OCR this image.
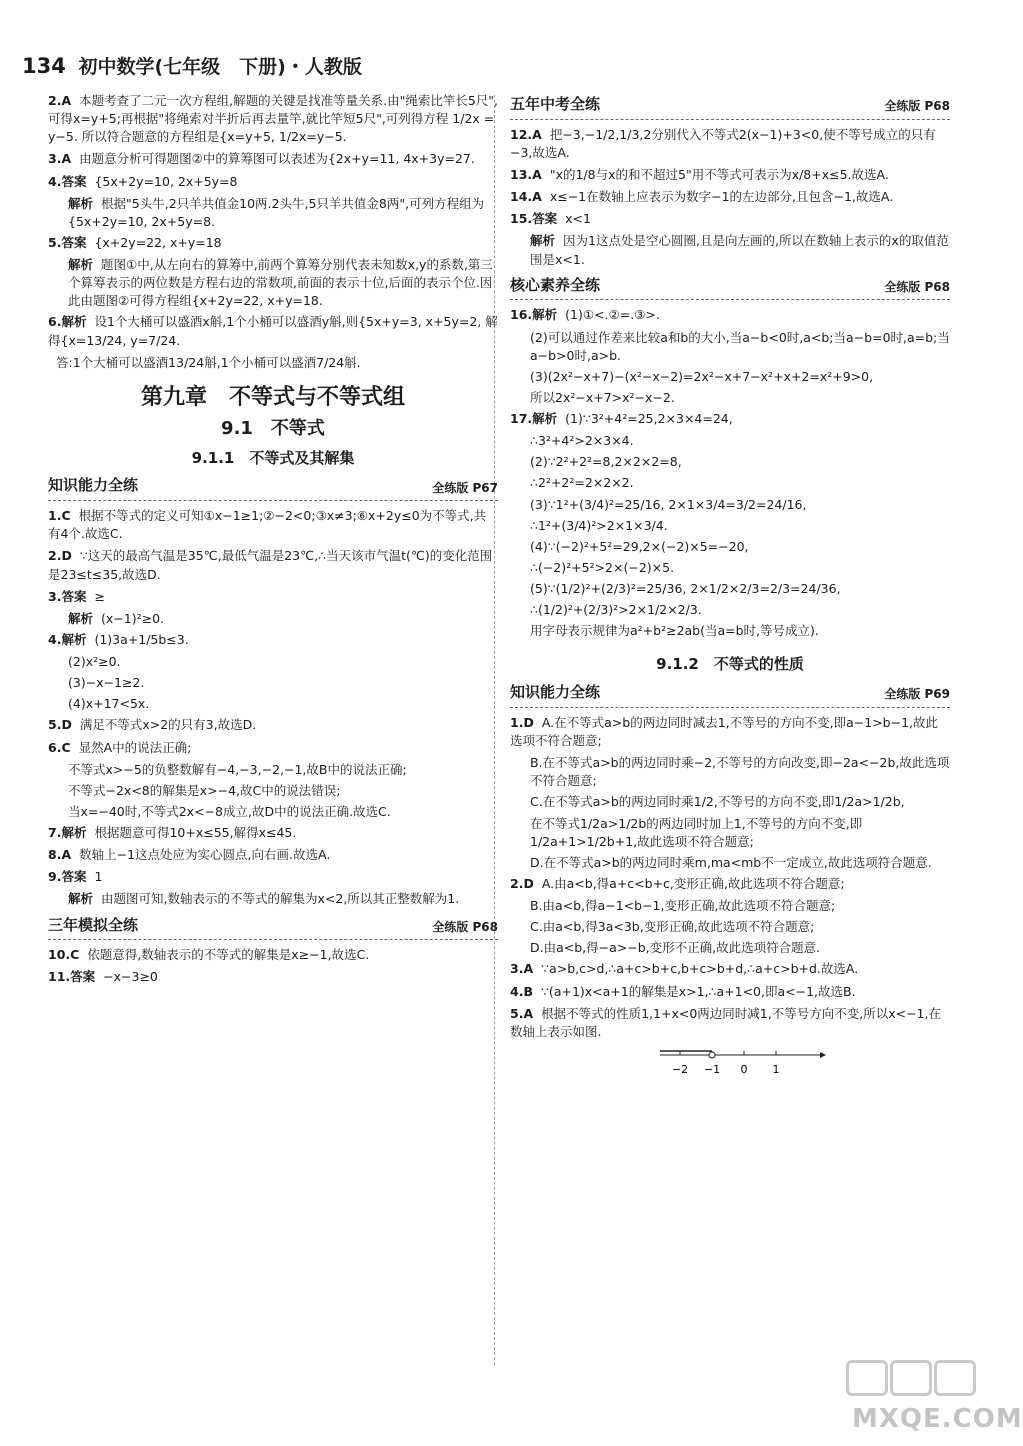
134 初中数学(七年级　下册)・人教版

2.A 本题考查了二元一次方程组,解题的关键是找准等量关系.由"绳索比竿长5尺",可得x=y+5;再根据"将绳索对半折后再去量竿,就比竿短5尺",可列得方程 1/2x = y−5. 所以符合题意的方程组是{x=y+5, 1/2x=y−5.

3.A 由题意分析可得题图②中的算筹图可以表述为{2x+y=11, 4x+3y=27.

4.答案 {5x+2y=10, 2x+5y=8

解析 根据"5头牛,2只羊共值金10两.2头牛,5只羊共值金8两",可列方程组为{5x+2y=10, 2x+5y=8.

5.答案 {x+2y=22, x+y=18

解析 题图①中,从左向右的算筹中,前两个算筹分别代表未知数x,y的系数,第三个算筹表示的两位数是方程右边的常数项,前面的表示十位,后面的表示个位.因此由题图②可得方程组{x+2y=22, x+y=18.

6.解析 设1个大桶可以盛酒x斛,1个小桶可以盛酒y斛,则{5x+y=3, x+5y=2, 解得{x=13/24, y=7/24.

答:1个大桶可以盛酒13/24斛,1个小桶可以盛酒7/24斛.

第九章　不等式与不等式组
9.1　不等式
9.1.1　不等式及其解集
知识能力全练	全练版 P67

1.C 根据不等式的定义可知①x−1≥1;②−2<0;③x≠3;⑥x+2y≤0为不等式,共有4个.故选C.

2.D ∵这天的最高气温是35℃,最低气温是23℃,∴当天该市气温t(℃)的变化范围是23≤t≤35,故选D.

3.答案 ≥

解析 (x−1)²≥0.

4.解析 (1)3a+1/5b≤3.

(2)x²≥0.

(3)−x−1≥2.

(4)x+17<5x.

5.D 满足不等式x>2的只有3,故选D.

6.C 显然A中的说法正确;

不等式x>−5的负整数解有−4,−3,−2,−1,故B中的说法正确;

不等式−2x<8的解集是x>−4,故C中的说法错误;

当x=−40时,不等式2x<−8成立,故D中的说法正确.故选C.

7.解析 根据题意可得10+x≤55,解得x≤45.

8.A 数轴上−1这点处应为实心圆点,向右画.故选A.

9.答案 1

解析 由题图可知,数轴表示的不等式的解集为x<2,所以其正整数解为1.

三年模拟全练	全练版 P68

10.C 依题意得,数轴表示的不等式的解集是x≥−1,故选C.

11.答案 −x−3≥0

五年中考全练	全练版 P68

12.A 把−3,−1/2,1/3,2分别代入不等式2(x−1)+3<0,使不等号成立的只有−3,故选A.

13.A "x的1/8与x的和不超过5"用不等式可表示为x/8+x≤5.故选A.

14.A x≤−1在数轴上应表示为数字−1的左边部分,且包含−1,故选A.

15.答案 x<1

解析 因为1这点处是空心圆圈,且是向左画的,所以在数轴上表示的x的取值范围是x<1.

核心素养全练	全练版 P68

16.解析 (1)①<.②=.③>.

(2)可以通过作差来比较a和b的大小,当a−b<0时,a<b;当a−b=0时,a=b;当a−b>0时,a>b.

(3)(2x²−x+7)−(x²−x−2)=2x²−x+7−x²+x+2=x²+9>0,

所以2x²−x+7>x²−x−2.

17.解析 (1)∵3²+4²=25,2×3×4=24,

∴3²+4²>2×3×4.

(2)∵2²+2²=8,2×2×2=8,

∴2²+2²=2×2×2.

(3)∵1²+(3/4)²=25/16, 2×1×3/4=3/2=24/16,

∴1²+(3/4)²>2×1×3/4.

(4)∵(−2)²+5²=29,2×(−2)×5=−20,

∴(−2)²+5²>2×(−2)×5.

(5)∵(1/2)²+(2/3)²=25/36, 2×1/2×2/3=2/3=24/36,

∴(1/2)²+(2/3)²>2×1/2×2/3.

用字母表示规律为a²+b²≥2ab(当a=b时,等号成立).

9.1.2　不等式的性质
知识能力全练	全练版 P69

1.D A.在不等式a>b的两边同时减去1,不等号的方向不变,即a−1>b−1,故此选项不符合题意;

B.在不等式a>b的两边同时乘−2,不等号的方向改变,即−2a<−2b,故此选项不符合题意;

C.在不等式a>b的两边同时乘1/2,不等号的方向不变,即1/2a>1/2b,

在不等式1/2a>1/2b的两边同时加上1,不等号的方向不变,即1/2a+1>1/2b+1,故此选项不符合题意;

D.在不等式a>b的两边同时乘m,ma<mb不一定成立,故此选项符合题意.

2.D A.由a<b,得a+c<b+c,变形正确,故此选项不符合题意;

B.由a<b,得a−1<b−1,变形正确,故此选项不符合题意;

C.由a<b,得3a<3b,变形正确,故此选项不符合题意;

D.由a<b,得−a>−b,变形不正确,故此选项符合题意.

3.A ∵a>b,c>d,∴a+c>b+c,b+c>b+d,∴a+c>b+d.故选A.

4.B ∵(a+1)x<a+1的解集是x>1,∴a+1<0,即a<−1,故选B.

5.A 根据不等式的性质1,1+x<0两边同时减1,不等号方向不变,所以x<−1,在数轴上表示如图.

−2 −1 0 1
MXQE.COM
